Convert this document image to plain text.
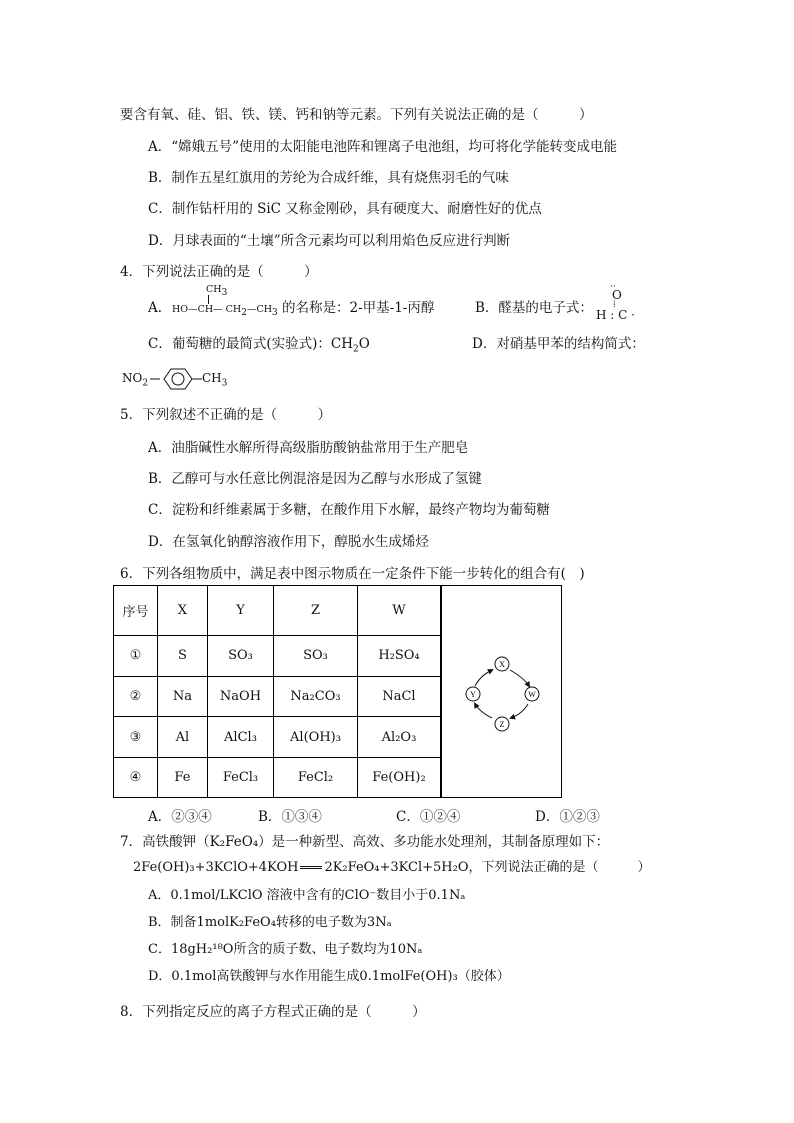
要含有氧、硅、铝、铁、镁、钙和钠等元素。下列有关说法正确的是（　　　）
A．“嫦娥五号”使用的太阳能电池阵和锂离子电池组，均可将化学能转变成电能
B．制作五星红旗用的芳纶为合成纤维，具有烧焦羽毛的气味
C．制作钻杆用的 SiC 又称金刚砂，具有硬度大、耐磨性好的优点
D．月球表面的“土壤”所含元素均可以利用焰色反应进行判断
4．下列说法正确的是（　　　）
A．
$CH_3$
HO—CH— $CH_2—CH_3$ 的名称是：2-甲基-1-丙醇	B．醛基的电子式：
O
··
⁞
H : C ·
C．葡萄糖的最简式(实验式)：$CH_2O$	D．对硝基甲苯的结构简式：
$NO_2$	$CH_3$
5．下列叙述不正确的是（　　　）
A．油脂碱性水解所得高级脂肪酸钠盐常用于生产肥皂
B．乙醇可与水任意比例混溶是因为乙醇与水形成了氢键
C．淀粉和纤维素属于多糖，在酸作用下水解，最终产物均为葡萄糖
D．在氢氧化钠醇溶液作用下，醇脱水生成烯烃
6．下列各组物质中，满足表中图示物质在一定条件下能一步转化的组合有(　)
序号	X	Y	Z	W
①	S	SO₃	SO₃	H₂SO₄
②	Na	NaOH	Na₂CO₃	NaCl
③	Al	AlCl₃	Al(OH)₃	Al₂O₃
④	Fe	FeCl₃	FeCl₂	Fe(OH)₂
X
W
Z
Y
A．②③④	B．①③④	C．①②④	D．①②③
7．高铁酸钾（K₂FeO₄）是一种新型、高效、多功能水处理剂，其制备原理如下：
2Fe(OH)₃+3KClO+4KOH 2K₂FeO₄+3KCl+5H₂O，下列说法正确的是（　　　）
A．0.1mol/LKClO 溶液中含有的ClO⁻数目小于0.1Nₐ
B．制备1molK₂FeO₄转移的电子数为3Nₐ
C．18gH₂¹⁸O所含的质子数、电子数均为10Nₐ
D．0.1mol高铁酸钾与水作用能生成0.1molFe(OH)₃（胶体）
8．下列指定反应的离子方程式正确的是（　　　）
